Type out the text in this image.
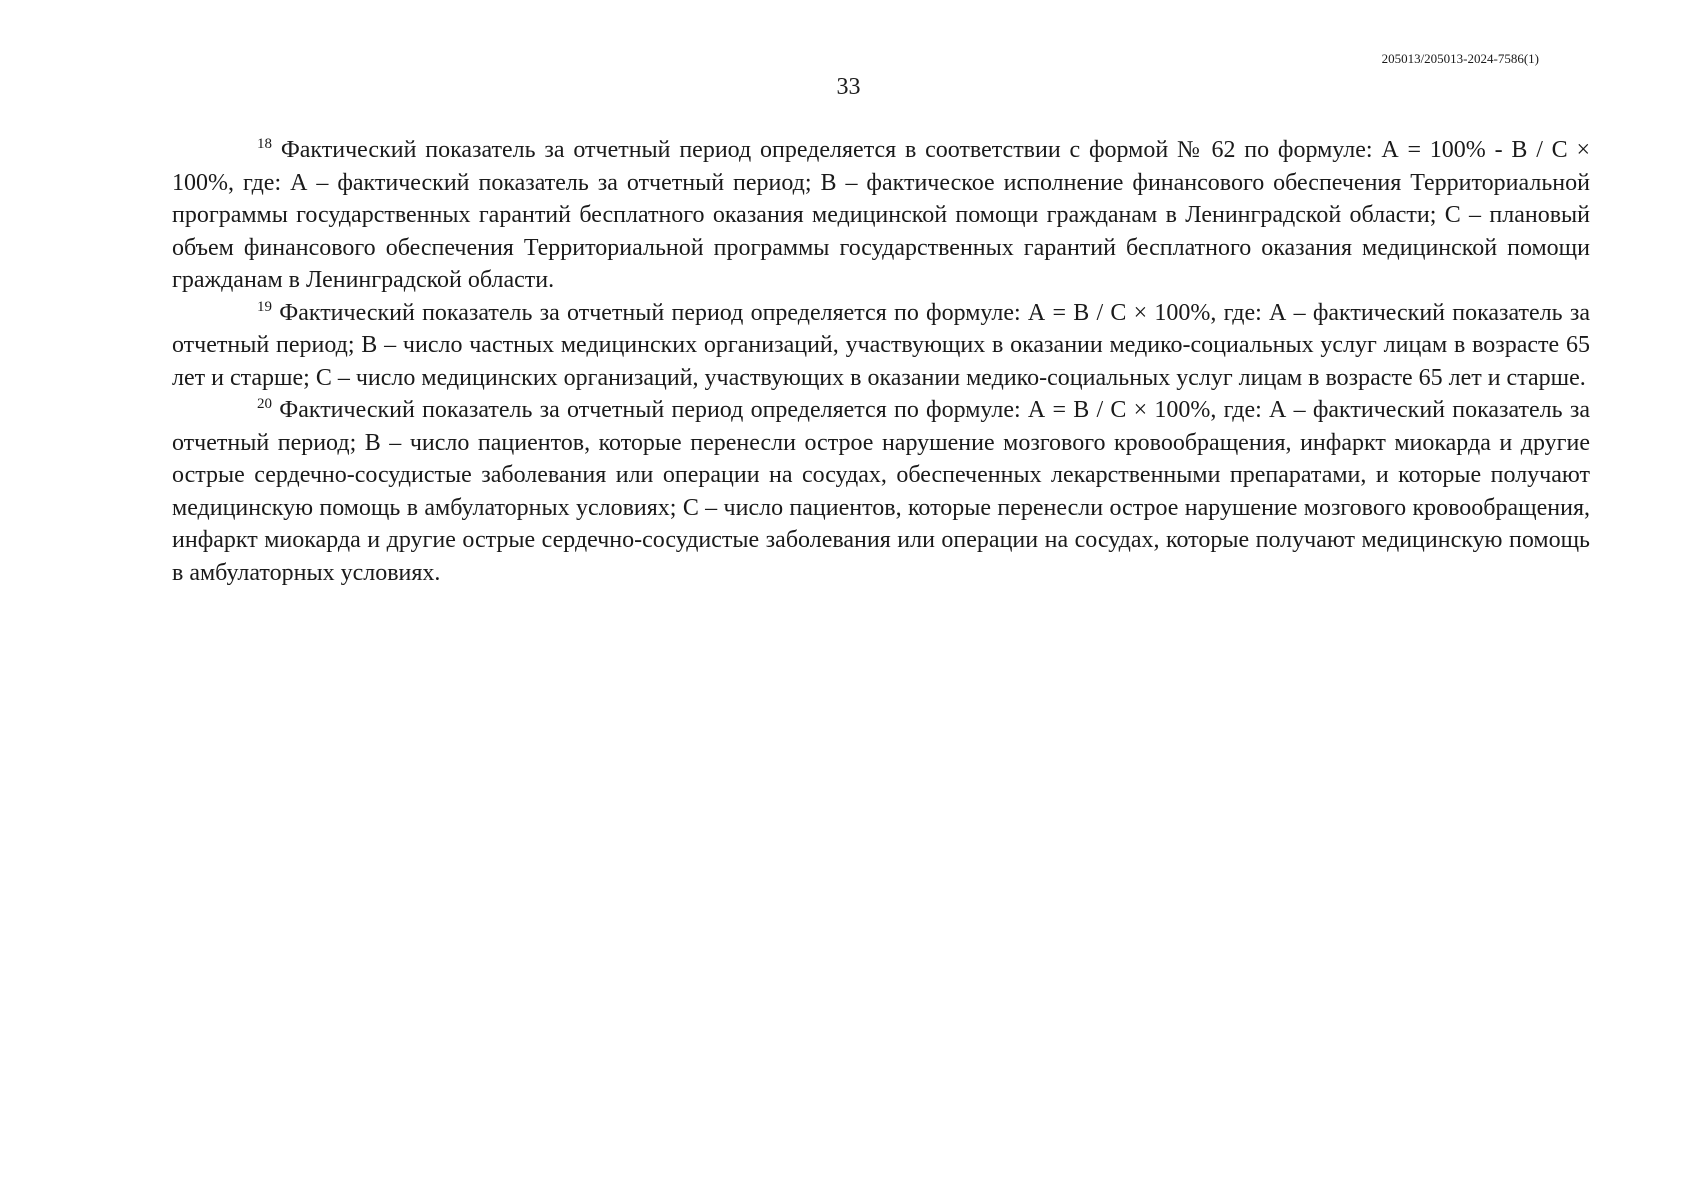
205013/205013-2024-7586(1)
33

$^{18}$ Фактический показатель за отчетный период определяется в соответствии с формой № 62 по формуле: А = 100% - В / С × 100%, где: А – фактический показатель за отчетный период; В – фактическое исполнение финансового обеспечения Территориальной программы государственных гарантий бесплатного оказания медицинской помощи гражданам в Ленинградской области; С – плановый объем финансового обеспечения Территориальной программы государственных гарантий бесплатного оказания медицинской помощи гражданам в Ленинградской области.

$^{19}$ Фактический показатель за отчетный период определяется по формуле: А = В / С × 100%, где: А – фактический показатель за отчетный период; В – число частных медицинских организаций, участвующих в оказании медико-социальных услуг лицам в возрасте 65 лет и старше; С – число медицинских организаций, участвующих в оказании медико-социальных услуг лицам в возрасте 65 лет и старше.

$^{20}$ Фактический показатель за отчетный период определяется по формуле: А = В / С × 100%, где: А – фактический показатель за отчетный период; В – число пациентов, которые перенесли острое нарушение мозгового кровообращения, инфаркт миокарда и другие острые сердечно-сосудистые заболевания или операции на сосудах, обеспеченных лекарственными препаратами, и которые получают медицинскую помощь в амбулаторных условиях; С – число пациентов, которые перенесли острое нарушение мозгового кровообращения, инфаркт миокарда и другие острые сердечно-сосудистые заболевания или операции на сосудах, которые получают медицинскую помощь в амбулаторных условиях.
